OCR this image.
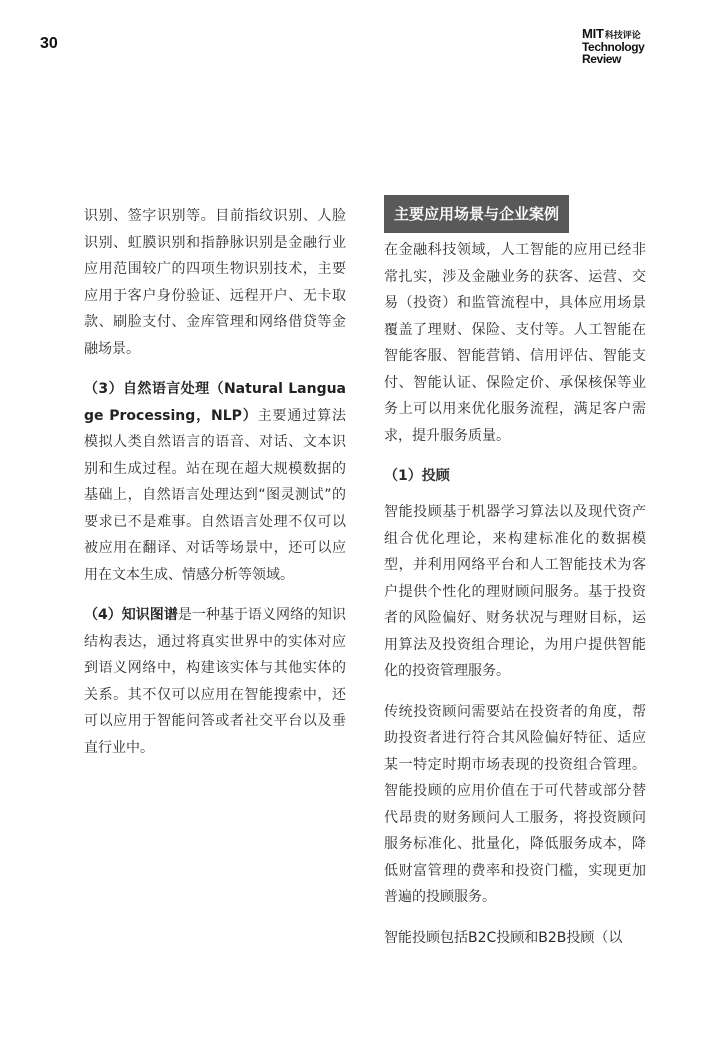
30
MIT科技评论
Technology
Review

识别、签字识别等。目前指纹识别、人脸识别、虹膜识别和指静脉识别是金融行业应用范围较广的四项生物识别技术，主要应用于客户身份验证、远程开户、无卡取款、刷脸支付、金库管理和网络借贷等金融场景。

（3）自然语言处理（Natural Language Processing，NLP）主要通过算法模拟人类自然语言的语音、对话、文本识别和生成过程。站在现在超大规模数据的基础上，自然语言处理达到“图灵测试”的要求已不是难事。自然语言处理不仅可以被应用在翻译、对话等场景中，还可以应用在文本生成、情感分析等领域。

（4）知识图谱是一种基于语义网络的知识结构表达，通过将真实世界中的实体对应到语义网络中，构建该实体与其他实体的关系。其不仅可以应用在智能搜索中，还可以应用于智能问答或者社交平台以及垂直行业中。

主要应用场景与企业案例

在金融科技领域，人工智能的应用已经非常扎实，涉及金融业务的获客、运营、交易（投资）和监管流程中，具体应用场景覆盖了理财、保险、支付等。人工智能在智能客服、智能营销、信用评估、智能支付、智能认证、保险定价、承保核保等业务上可以用来优化服务流程，满足客户需求，提升服务质量。

（1）投顾

智能投顾基于机器学习算法以及现代资产组合优化理论，来构建标准化的数据模型，并利用网络平台和人工智能技术为客户提供个性化的理财顾问服务。基于投资者的风险偏好、财务状况与理财目标，运用算法及投资组合理论，为用户提供智能化的投资管理服务。

传统投资顾问需要站在投资者的角度，帮助投资者进行符合其风险偏好特征、适应某一特定时期市场表现的投资组合管理。智能投顾的应用价值在于可代替或部分替代昂贵的财务顾问人工服务，将投资顾问服务标准化、批量化，降低服务成本，降低财富管理的费率和投资门槛，实现更加普遍的投顾服务。

智能投顾包括B2C投顾和B2B投顾（以
